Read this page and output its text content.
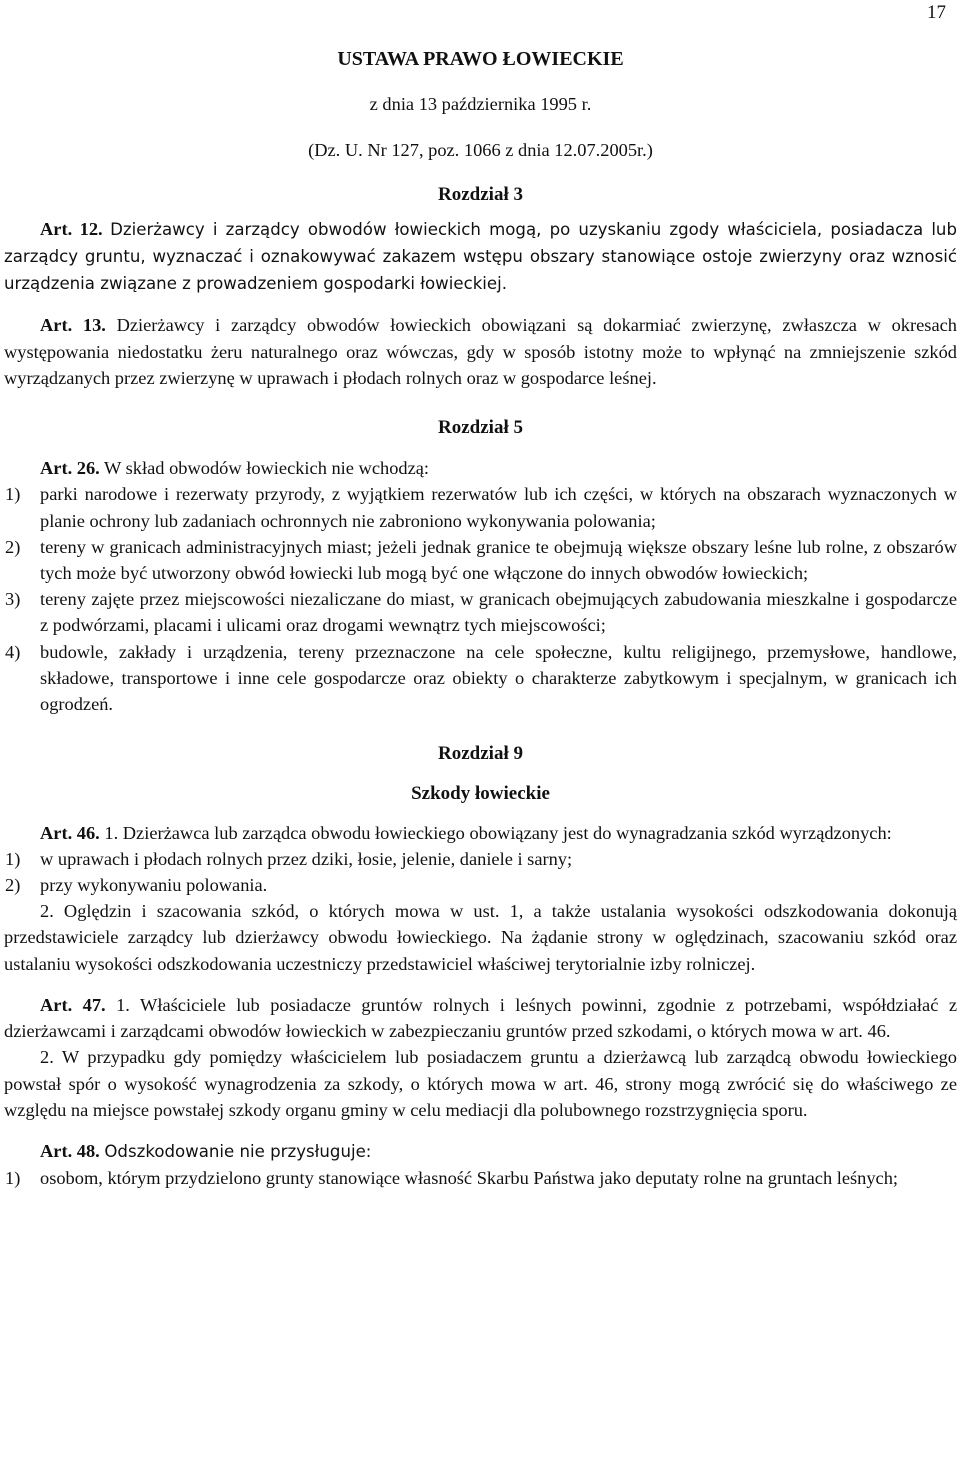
17
USTAWA PRAWO ŁOWIECKIE
z dnia 13 października 1995 r.
(Dz. U. Nr 127, poz. 1066 z dnia 12.07.2005r.)
Rozdział 3

Art. 12. Dzierżawcy i zarządcy obwodów łowieckich mogą, po uzyskaniu zgody właściciela, posiadacza lub zarządcy gruntu, wyznaczać i oznakowywać zakazem wstępu obszary stanowiące ostoje zwierzyny oraz wznosić urządzenia związane z prowadzeniem gospodarki łowieckiej.

Art. 13. Dzierżawcy i zarządcy obwodów łowieckich obowiązani są dokarmiać zwierzynę, zwłaszcza w okresach występowania niedostatku żeru naturalnego oraz wówczas, gdy w sposób istotny może to wpłynąć na zmniejszenie szkód wyrządzanych przez zwierzynę w uprawach i płodach rolnych oraz w gospodarce leśnej.

Rozdział 5

Art. 26. W skład obwodów łowieckich nie wchodzą:

1) parki narodowe i rezerwaty przyrody, z wyjątkiem rezerwatów lub ich części, w których na obszarach wyznaczonych w planie ochrony lub zadaniach ochronnych nie zabroniono wykonywania polowania;
2) tereny w granicach administracyjnych miast; jeżeli jednak granice te obejmują większe obszary leśne lub rolne, z obszarów tych może być utworzony obwód łowiecki lub mogą być one włączone do innych obwodów łowieckich;
3) tereny zajęte przez miejscowości niezaliczane do miast, w granicach obejmujących zabudowania mieszkalne i gospodarcze z podwórzami, placami i ulicami oraz drogami wewnątrz tych miejscowości;
4) budowle, zakłady i urządzenia, tereny przeznaczone na cele społeczne, kultu religijnego, przemysłowe, handlowe, składowe, transportowe i inne cele gospodarcze oraz obiekty o charakterze zabytkowym i specjalnym, w granicach ich ogrodzeń.
Rozdział 9
Szkody łowieckie

Art. 46. 1. Dzierżawca lub zarządca obwodu łowieckiego obowiązany jest do wynagradzania szkód wyrządzonych:

1) w uprawach i płodach rolnych przez dziki, łosie, jelenie, daniele i sarny;
2) przy wykonywaniu polowania.

2. Oględzin i szacowania szkód, o których mowa w ust. 1, a także ustalania wysokości odszkodowania dokonują przedstawiciele zarządcy lub dzierżawcy obwodu łowieckiego. Na żądanie strony w oględzinach, szacowaniu szkód oraz ustalaniu wysokości odszkodowania uczestniczy przedstawiciel właściwej terytorialnie izby rolniczej.

Art. 47. 1. Właściciele lub posiadacze gruntów rolnych i leśnych powinni, zgodnie z potrzebami, współdziałać z dzierżawcami i zarządcami obwodów łowieckich w zabezpieczaniu gruntów przed szkodami, o których mowa w art. 46.

2. W przypadku gdy pomiędzy właścicielem lub posiadaczem gruntu a dzierżawcą lub zarządcą obwodu łowieckiego powstał spór o wysokość wynagrodzenia za szkody, o których mowa w art. 46, strony mogą zwrócić się do właściwego ze względu na miejsce powstałej szkody organu gminy w celu mediacji dla polubownego rozstrzygnięcia sporu.

Art. 48. Odszkodowanie nie przysługuje:

1) osobom, którym przydzielono grunty stanowiące własność Skarbu Państwa jako deputaty rolne na gruntach leśnych;
